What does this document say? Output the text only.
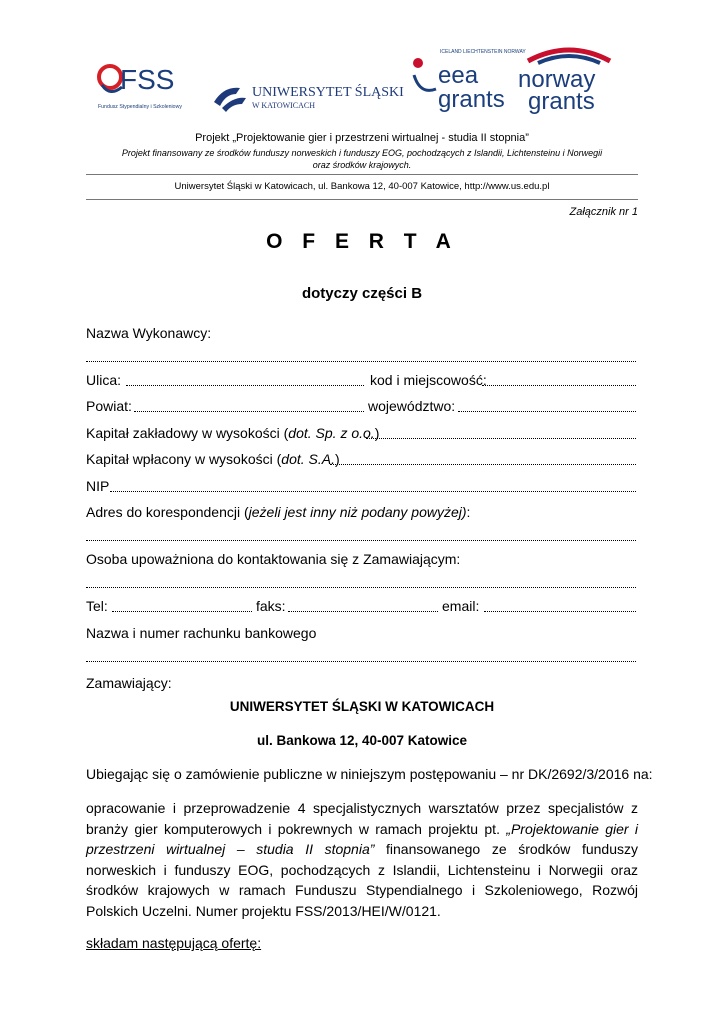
FSS
Fundusz Stypendialny i Szkoleniowy
UNIWERSYTET ŚLĄSKI
W KATOWICACH
ICELAND LIECHTENSTEIN NORWAY
eea
grants
norway
grants
Projekt „Projektowanie gier i przestrzeni wirtualnej - studia II stopnia”
Projekt finansowany ze środków funduszy norweskich i funduszy EOG, pochodzących z Islandii, Lichtensteinu i Norwegii
oraz środków krajowych.
Uniwersytet Śląski w Katowicach, ul. Bankowa 12, 40-007 Katowice, http://www.us.edu.pl
Załącznik nr 1
O F E R T A
dotyczy części B
Nazwa Wykonawcy:
Ulica:	kod i miejscowość:
Powiat:	województwo:
Kapitał zakładowy w wysokości (dot. Sp. z o.o.)
Kapitał wpłacony w wysokości (dot. S.A.)
NIP
Adres do korespondencji (jeżeli jest inny niż podany powyżej):
Osoba upoważniona do kontaktowania się z Zamawiającym:
Tel:	faks:	email:
Nazwa i numer rachunku bankowego
Zamawiający:
UNIWERSYTET ŚLĄSKI W KATOWICACH
ul. Bankowa 12, 40-007 Katowice
Ubiegając się o zamówienie publiczne w niniejszym postępowaniu – nr DK/2692/3/2016 na:
opracowanie i przeprowadzenie 4 specjalistycznych warsztatów przez specjalistów z branży gier komputerowych i pokrewnych w ramach projektu pt. „Projektowanie gier i przestrzeni wirtualnej – studia II stopnia” finansowanego ze środków funduszy norweskich i funduszy EOG, pochodzących z Islandii, Lichtensteinu i Norwegii oraz środków krajowych w ramach Funduszu Stypendialnego i Szkoleniowego, Rozwój Polskich Uczelni. Numer projektu FSS/2013/HEI/W/0121.
składam następującą ofertę:
